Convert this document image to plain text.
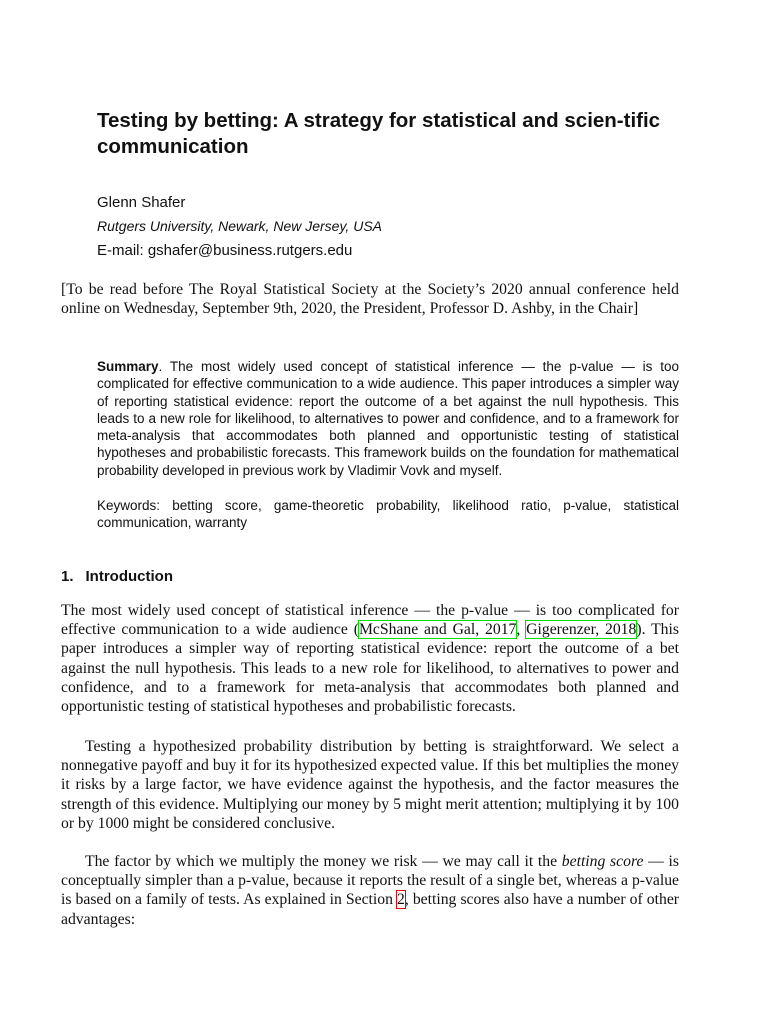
Testing by betting: A strategy for statistical and scien-tific communication
Glenn Shafer
Rutgers University, Newark, New Jersey, USA
E-mail: gshafer@business.rutgers.edu

[To be read before The Royal Statistical Society at the Society’s 2020 annual conference held online on Wednesday, September 9th, 2020, the President, Professor D. Ashby, in the Chair]

Summary. The most widely used concept of statistical inference — the p-value — is too complicated for effective communication to a wide audience. This paper introduces a simpler way of reporting statistical evidence: report the outcome of a bet against the null hypothesis. This leads to a new role for likelihood, to alternatives to power and confidence, and to a framework for meta-analysis that accommodates both planned and opportunistic testing of statistical hypotheses and probabilistic forecasts. This framework builds on the foundation for mathematical probability developed in previous work by Vladimir Vovk and myself.

Keywords: betting score, game-theoretic probability, likelihood ratio, p-value, statistical communication, warranty

1. Introduction

The most widely used concept of statistical inference — the p-value — is too complicated for effective communication to a wide audience (McShane and Gal, 2017, Gigerenzer, 2018). This paper introduces a simpler way of reporting statistical evidence: report the outcome of a bet against the null hypothesis. This leads to a new role for likelihood, to alternatives to power and confidence, and to a framework for meta-analysis that accommodates both planned and opportunistic testing of statistical hypotheses and probabilistic forecasts.

Testing a hypothesized probability distribution by betting is straightforward. We select a nonnegative payoff and buy it for its hypothesized expected value. If this bet multiplies the money it risks by a large factor, we have evidence against the hypothesis, and the factor measures the strength of this evidence. Multiplying our money by 5 might merit attention; multiplying it by 100 or by 1000 might be considered conclusive.

The factor by which we multiply the money we risk — we may call it the betting score — is conceptually simpler than a p-value, because it reports the result of a single bet, whereas a p-value is based on a family of tests. As explained in Section 2, betting scores also have a number of other advantages:
